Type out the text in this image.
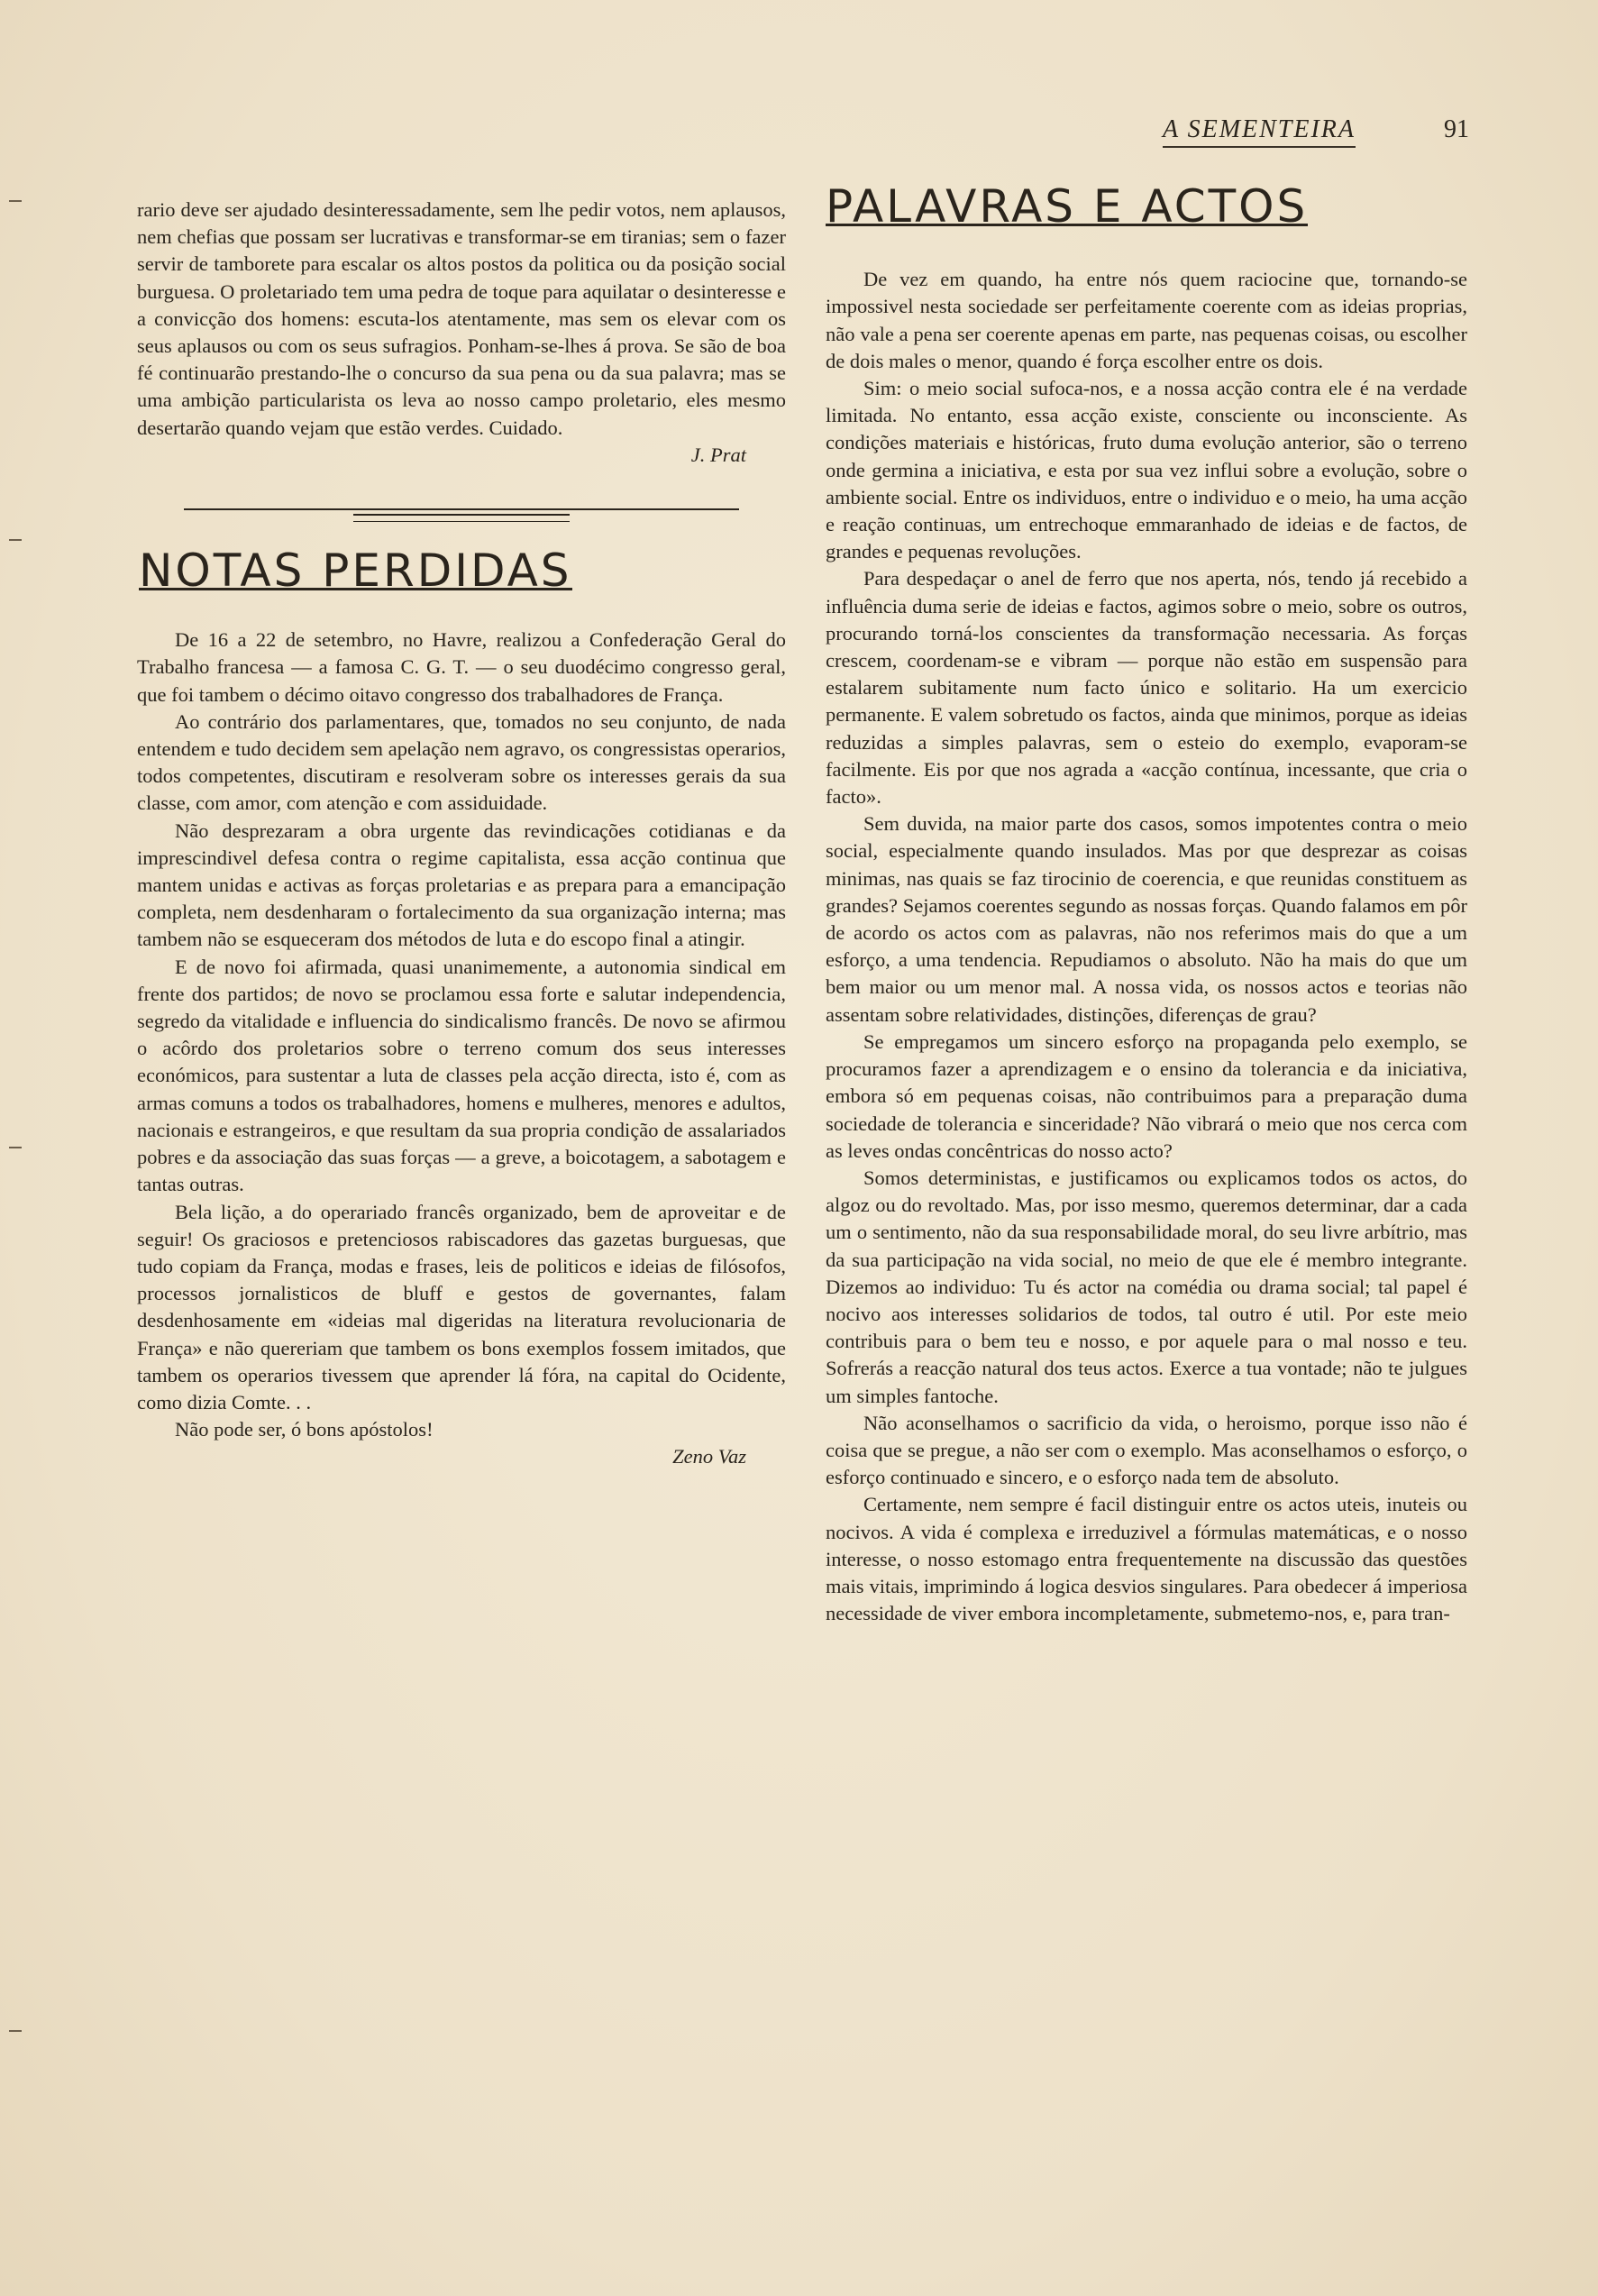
A SEMENTEIRA	91

rario deve ser ajudado desinteressadamente, sem lhe pedir votos, nem aplausos, nem chefias que possam ser lucrativas e transformar-se em tiranias; sem o fazer servir de tamborete para escalar os altos postos da politica ou da posição social burguesa. O proletariado tem uma pedra de toque para aquilatar o desinteresse e a convicção dos homens: escuta-los atentamente, mas sem os elevar com os seus aplausos ou com os seus sufragios. Ponham-se-lhes á prova. Se são de boa fé continuarão prestando-lhe o concurso da sua pena ou da sua palavra; mas se uma ambição particularista os leva ao nosso campo proletario, eles mesmo desertarão quando vejam que estão verdes. Cuidado.

J. Prat

NOTAS PERDIDAS

De 16 a 22 de setembro, no Havre, realizou a Confederação Geral do Trabalho francesa — a famosa C. G. T. — o seu duodécimo congresso geral, que foi tambem o décimo oitavo congresso dos trabalhadores de França.

Ao contrário dos parlamentares, que, tomados no seu conjunto, de nada entendem e tudo decidem sem apelação nem agravo, os congressistas operarios, todos competentes, discutiram e resolveram sobre os interesses gerais da sua classe, com amor, com atenção e com assiduidade.

Não desprezaram a obra urgente das revindicações cotidianas e da imprescindivel defesa contra o regime capitalista, essa acção continua que mantem unidas e activas as forças proletarias e as prepara para a emancipação completa, nem desdenharam o fortalecimento da sua organização interna; mas tambem não se esqueceram dos métodos de luta e do escopo final a atingir.

E de novo foi afirmada, quasi unanimemente, a autonomia sindical em frente dos partidos; de novo se proclamou essa forte e salutar independencia, segredo da vitalidade e influencia do sindicalismo francês. De novo se afirmou o acôrdo dos proletarios sobre o terreno comum dos seus interesses económicos, para sustentar a luta de classes pela acção directa, isto é, com as armas comuns a todos os trabalhadores, homens e mulheres, menores e adultos, nacionais e estrangeiros, e que resultam da sua propria condição de assalariados pobres e da associação das suas forças — a greve, a boicotagem, a sabotagem e tantas outras.

Bela lição, a do operariado francês organizado, bem de aproveitar e de seguir! Os graciosos e pretenciosos rabiscadores das gazetas burguesas, que tudo copiam da França, modas e frases, leis de politicos e ideias de filósofos, processos jornalisticos de bluff e gestos de governantes, falam desdenhosamente em «ideias mal digeridas na literatura revolucionaria de França» e não quereriam que tambem os bons exemplos fossem imitados, que tambem os operarios tivessem que aprender lá fóra, na capital do Ocidente, como dizia Comte. . .

Não pode ser, ó bons apóstolos!

Zeno Vaz

PALAVRAS E ACTOS

De vez em quando, ha entre nós quem raciocine que, tornando-se impossivel nesta sociedade ser perfeitamente coerente com as ideias proprias, não vale a pena ser coerente apenas em parte, nas pequenas coisas, ou escolher de dois males o menor, quando é força escolher entre os dois.

Sim: o meio social sufoca-nos, e a nossa acção contra ele é na verdade limitada. No entanto, essa acção existe, consciente ou inconsciente. As condições materiais e históricas, fruto duma evolução anterior, são o terreno onde germina a iniciativa, e esta por sua vez influi sobre a evolução, sobre o ambiente social. Entre os individuos, entre o individuo e o meio, ha uma acção e reação continuas, um entrechoque emmaranhado de ideias e de factos, de grandes e pequenas revoluções.

Para despedaçar o anel de ferro que nos aperta, nós, tendo já recebido a influência duma serie de ideias e factos, agimos sobre o meio, sobre os outros, procurando torná-los conscientes da transformação necessaria. As forças crescem, coordenam-se e vibram — porque não estão em suspensão para estalarem subitamente num facto único e solitario. Ha um exercicio permanente. E valem sobretudo os factos, ainda que minimos, porque as ideias reduzidas a simples palavras, sem o esteio do exemplo, evaporam-se facilmente. Eis por que nos agrada a «acção contínua, incessante, que cria o facto».

Sem duvida, na maior parte dos casos, somos impotentes contra o meio social, especialmente quando insulados. Mas por que desprezar as coisas minimas, nas quais se faz tirocinio de coerencia, e que reunidas constituem as grandes? Sejamos coerentes segundo as nossas forças. Quando falamos em pôr de acordo os actos com as palavras, não nos referimos mais do que a um esforço, a uma tendencia. Repudiamos o absoluto. Não ha mais do que um bem maior ou um menor mal. A nossa vida, os nossos actos e teorias não assentam sobre relatividades, distinções, diferenças de grau?

Se empregamos um sincero esforço na propaganda pelo exemplo, se procuramos fazer a aprendizagem e o ensino da tolerancia e da iniciativa, embora só em pequenas coisas, não contribuimos para a preparação duma sociedade de tolerancia e sinceridade? Não vibrará o meio que nos cerca com as leves ondas concêntricas do nosso acto?

Somos deterministas, e justificamos ou explicamos todos os actos, do algoz ou do revoltado. Mas, por isso mesmo, queremos determinar, dar a cada um o sentimento, não da sua responsabilidade moral, do seu livre arbítrio, mas da sua participação na vida social, no meio de que ele é membro integrante. Dizemos ao individuo: Tu és actor na comédia ou drama social; tal papel é nocivo aos interesses solidarios de todos, tal outro é util. Por este meio contribuis para o bem teu e nosso, e por aquele para o mal nosso e teu. Sofrerás a reacção natural dos teus actos. Exerce a tua vontade; não te julgues um simples fantoche.

Não aconselhamos o sacrificio da vida, o heroismo, porque isso não é coisa que se pregue, a não ser com o exemplo. Mas aconselhamos o esforço, o esforço continuado e sincero, e o esforço nada tem de absoluto.

Certamente, nem sempre é facil distinguir entre os actos uteis, inuteis ou nocivos. A vida é complexa e irreduzivel a fórmulas matemáticas, e o nosso interesse, o nosso estomago entra frequentemente na discussão das questões mais vitais, imprimindo á logica desvios singulares. Para obedecer á imperiosa necessidade de viver embora incompletamente, submetemo-nos, e, para tran-
